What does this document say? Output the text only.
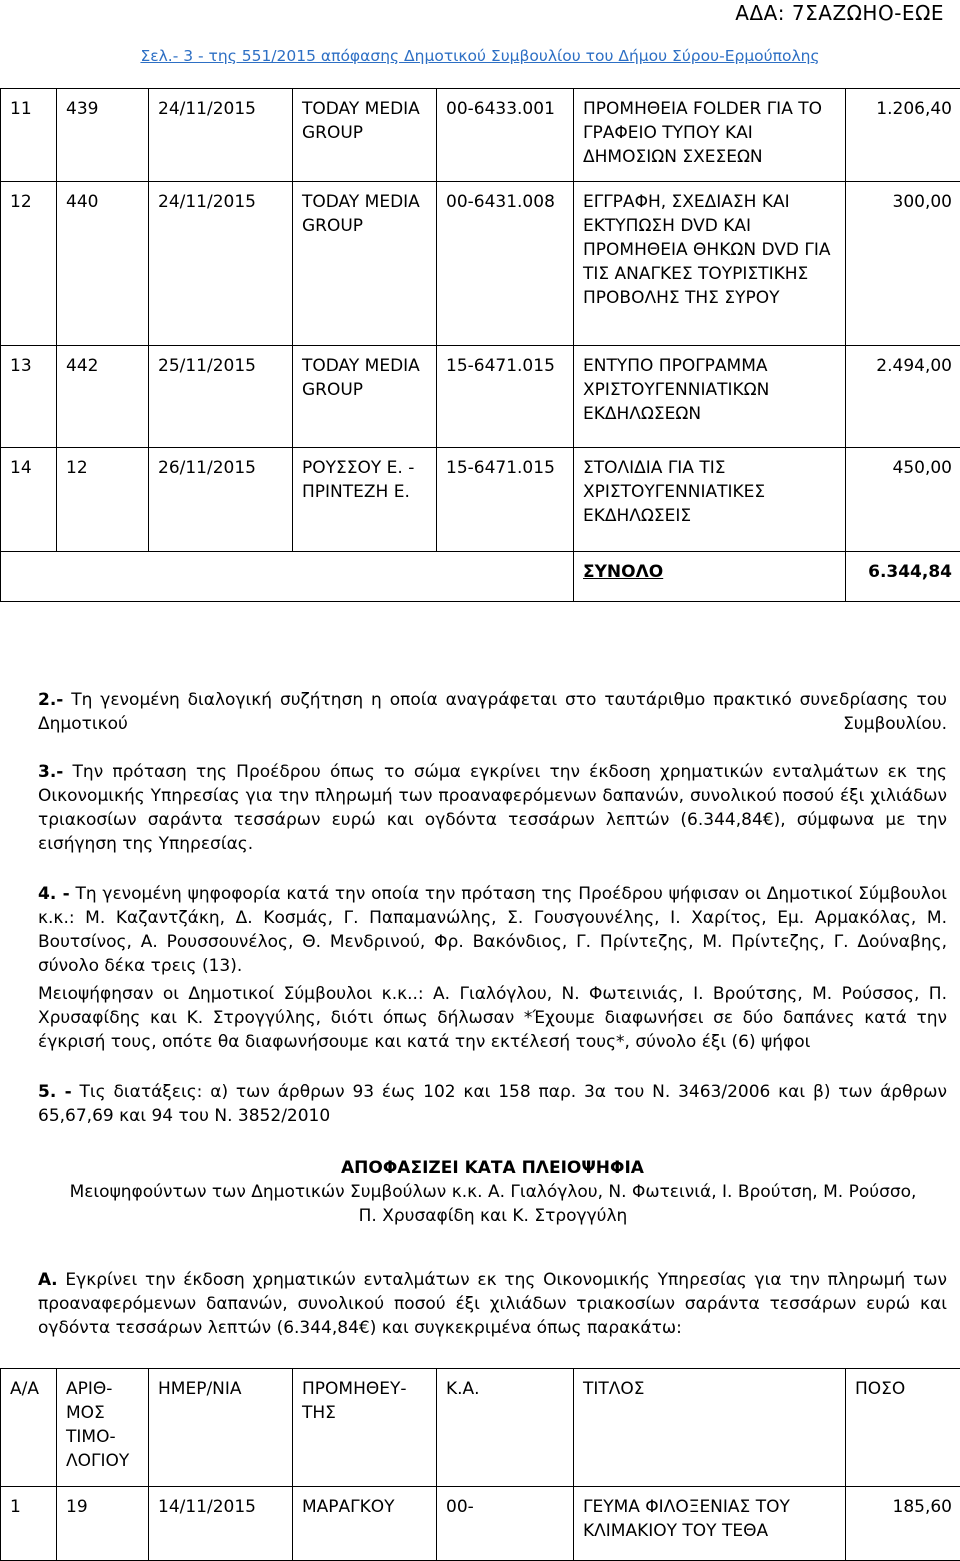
ΑΔΑ: 7ΣΑΖΩΗΟ-ΕΩΕ
Σελ.- 3 - της 551/2015 απόφασης Δημοτικού Συμβουλίου του Δήμου Σύρου-Ερμούπολης
11	439	24/11/2015	TODAY MEDIA GROUP	00-6433.001	ΠΡΟΜΗΘΕΙΑ FOLDER ΓΙΑ ΤΟ ΓΡΑΦΕΙΟ ΤΥΠΟΥ ΚΑΙ ΔΗΜΟΣΙΩΝ ΣΧΕΣΕΩΝ	1.206,40
12	440	24/11/2015	TODAY MEDIA GROUP	00-6431.008	ΕΓΓΡΑΦΗ, ΣΧΕΔΙΑΣΗ ΚΑΙ ΕΚΤΥΠΩΣΗ DVD ΚΑΙ ΠΡΟΜΗΘΕΙΑ ΘΗΚΩΝ DVD ΓΙΑ ΤΙΣ ΑΝΑΓΚΕΣ ΤΟΥΡΙΣΤΙΚΗΣ ΠΡΟΒΟΛΗΣ ΤΗΣ ΣΥΡΟΥ	300,00
13	442	25/11/2015	TODAY MEDIA GROUP	15-6471.015	ΕΝΤΥΠΟ ΠΡΟΓΡΑΜΜΑ ΧΡΙΣΤΟΥΓΕΝΝΙΑΤΙΚΩΝ ΕΚΔΗΛΩΣΕΩΝ	2.494,00
14	12	26/11/2015	ΡΟΥΣΣΟΥ Ε. - ΠΡΙΝΤΕΖΗ Ε.	15-6471.015	ΣΤΟΛΙΔΙΑ ΓΙΑ ΤΙΣ ΧΡΙΣΤΟΥΓΕΝΝΙΑΤΙΚΕΣ ΕΚΔΗΛΩΣΕΙΣ	450,00
					ΣΥΝΟΛΟ	6.344,84
2.- Τη γενομένη διαλογική συζήτηση η οποία αναγράφεται στο ταυτάριθμο πρακτικό συνεδρίασης του Δημοτικού Συμβουλίου.
3.- Την πρόταση της Προέδρου όπως το σώμα εγκρίνει την έκδοση χρηματικών ενταλμάτων εκ της Οικονομικής Υπηρεσίας για την πληρωμή των προαναφερόμενων δαπανών, συνολικού ποσού έξι χιλιάδων τριακοσίων σαράντα τεσσάρων ευρώ και ογδόντα τεσσάρων λεπτών (6.344,84€), σύμφωνα με την εισήγηση της Υπηρεσίας.
4. - Τη γενομένη ψηφοφορία κατά την οποία την πρόταση της Προέδρου ψήφισαν οι Δημοτικοί Σύμβουλοι κ.κ.: Μ. Καζαντζάκη, Δ. Κοσμάς, Γ. Παπαμανώλης, Σ. Γουσγουνέλης, Ι. Χαρίτος, Εμ. Αρμακόλας, Μ. Βουτσίνος, Α. Ρουσσουνέλος, Θ. Μενδρινού, Φρ. Βακόνδιος, Γ. Πρίντεζης, Μ. Πρίντεζης, Γ. Δούναβης, σύνολο δέκα τρεις (13).
Μειοψήφησαν οι Δημοτικοί Σύμβουλοι κ.κ..: Α. Γιαλόγλου, Ν. Φωτεινιάς, Ι. Βρούτσης, Μ. Ρούσσος, Π. Χρυσαφίδης και Κ. Στρογγύλης, διότι όπως δήλωσαν *Έχουμε διαφωνήσει σε δύο δαπάνες κατά την έγκρισή τους, οπότε θα διαφωνήσουμε και κατά την εκτέλεσή τους*, σύνολο έξι (6) ψήφοι
5. - Τις διατάξεις: α) των άρθρων 93 έως 102 και 158 παρ. 3α του Ν. 3463/2006 και β) των άρθρων 65,67,69 και 94 του Ν. 3852/2010
ΑΠΟΦΑΣΙΖΕΙ ΚΑΤΑ ΠΛΕΙΟΨΗΦΙΑ
Μειοψηφούντων των Δημοτικών Συμβούλων κ.κ. Α. Γιαλόγλου, Ν. Φωτεινιά, Ι. Βρούτση, Μ. Ρούσσο, Π. Χρυσαφίδη και Κ. Στρογγύλη
Α. Εγκρίνει την έκδοση χρηματικών ενταλμάτων εκ της Οικονομικής Υπηρεσίας για την πληρωμή των προαναφερόμενων δαπανών, συνολικού ποσού έξι χιλιάδων τριακοσίων σαράντα τεσσάρων ευρώ και ογδόντα τεσσάρων λεπτών (6.344,84€) και συγκεκριμένα όπως παρακάτω:
Α/Α	ΑΡΙΘ-ΜΟΣ ΤΙΜΟ-ΛΟΓΙΟΥ	ΗΜΕΡ/ΝΙΑ	ΠΡΟΜΗΘΕΥ-ΤΗΣ	Κ.Α.	ΤΙΤΛΟΣ	ΠΟΣΟ
1	19	14/11/2015	ΜΑΡΑΓΚΟΥ	00-	ΓΕΥΜΑ ΦΙΛΟΞΕΝΙΑΣ ΤΟΥ ΚΛΙΜΑΚΙΟΥ ΤΟΥ ΤΕΘΑ	185,60
